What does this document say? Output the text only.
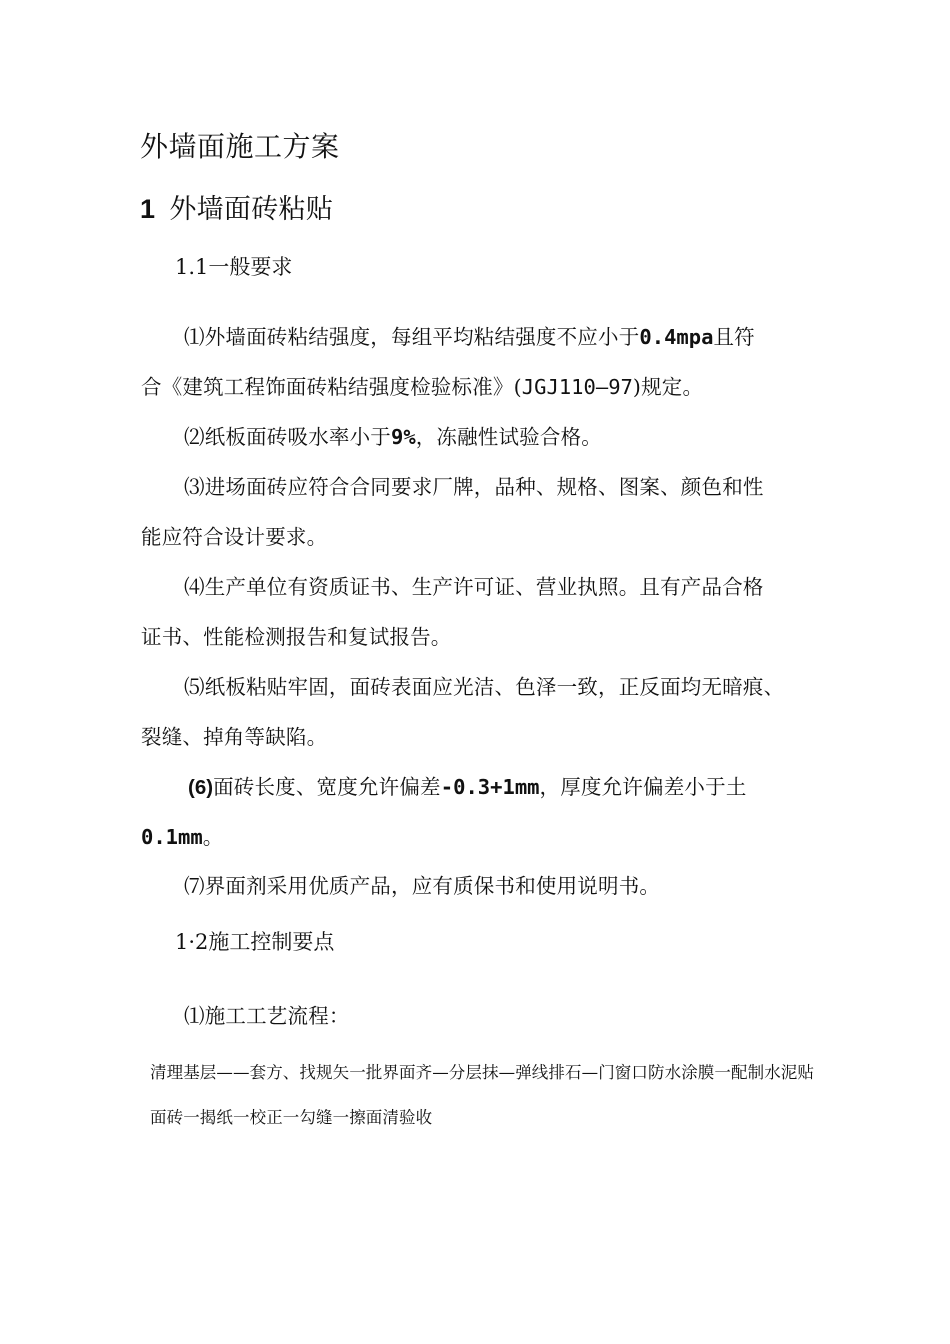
外墙面施工方案
1 外墙面砖粘贴
1.1一般要求
⑴外墙面砖粘结强度，每组平均粘结强度不应小于0.4mpa且符
合《建筑工程饰面砖粘结强度检验标准》(JGJ110—97)规定。
⑵纸板面砖吸水率小于9%，冻融性试验合格。
⑶进场面砖应符合合同要求厂牌，品种、规格、图案、颜色和性
能应符合设计要求。
⑷生产单位有资质证书、生产许可证、营业执照。且有产品合格
证书、性能检测报告和复试报告。
⑸纸板粘贴牢固，面砖表面应光洁、色泽一致，正反面均无暗痕、
裂缝、掉角等缺陷。
(6)面砖长度、宽度允许偏差-0.3+1mm，厚度允许偏差小于土
0.1mm。
⑺界面剂采用优质产品，应有质保书和使用说明书。
1·2施工控制要点
⑴施工工艺流程：
清理基层——套方、找规矢一批界面齐—分层抹—弹线排石—门窗口防水涂膜一配制水泥贴
面砖一揭纸一校正一勾缝一擦面清验收
